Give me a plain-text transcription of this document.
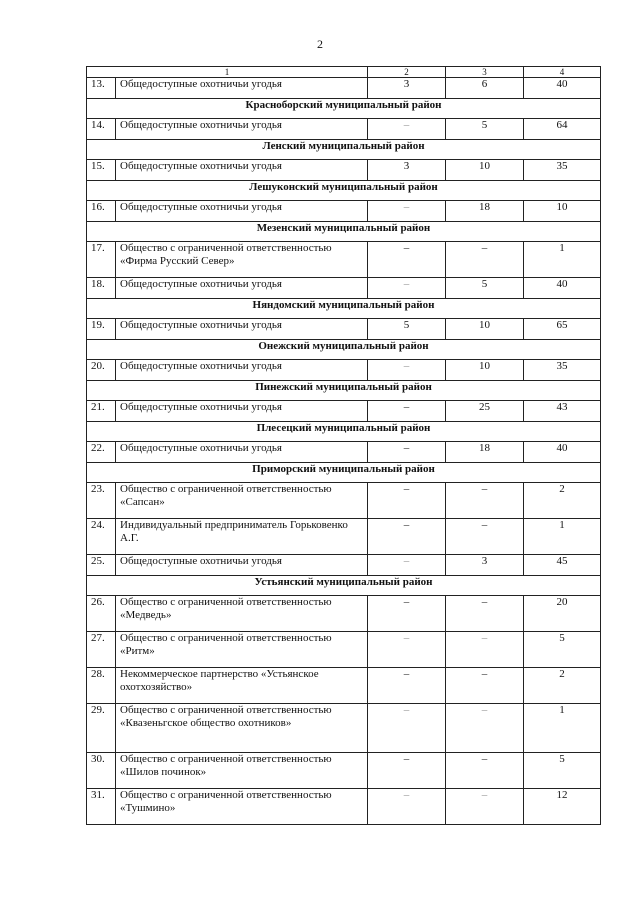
2
1		2	3	4
13.	Общедоступные охотничьи угодья	3	6	40
Красноборский муниципальный район				
14.	Общедоступные охотничьи угодья	–	5	64
Ленский муниципальный район				
15.	Общедоступные охотничьи угодья	3	10	35
Лешуконский муниципальный район				
16.	Общедоступные охотничьи угодья	–	18	10
Мезенский муниципальный район				
17.	Общество с ограниченной ответственностью «Фирма Русский Север»	–	–	1
18.	Общедоступные охотничьи угодья	–	5	40
Няндомский муниципальный район				
19.	Общедоступные охотничьи угодья	5	10	65
Онежский муниципальный район				
20.	Общедоступные охотничьи угодья	–	10	35
Пинежский муниципальный район				
21.	Общедоступные охотничьи угодья	–	25	43
Плесецкий муниципальный район				
22.	Общедоступные охотничьи угодья	–	18	40
Приморский муниципальный район				
23.	Общество с ограниченной ответственностью «Сапсан»	–	–	2
24.	Индивидуальный предприниматель Горьковенко А.Г.	–	–	1
25.	Общедоступные охотничьи угодья	–	3	45
Устьянский муниципальный район				
26.	Общество с ограниченной ответственностью «Медведь»	–	–	20
27.	Общество с ограниченной ответственностью «Ритм»	–	–	5
28.	Некоммерческое партнерство «Устьянское охотхозяйство»	–	–	2
29.	Общество с ограниченной ответственностью «Квазеньгское общество охотников»	–	–	1
30.	Общество с ограниченной ответственностью «Шилов починок»	–	–	5
31.	Общество с ограниченной ответственностью «Тушмино»	–	–	12
